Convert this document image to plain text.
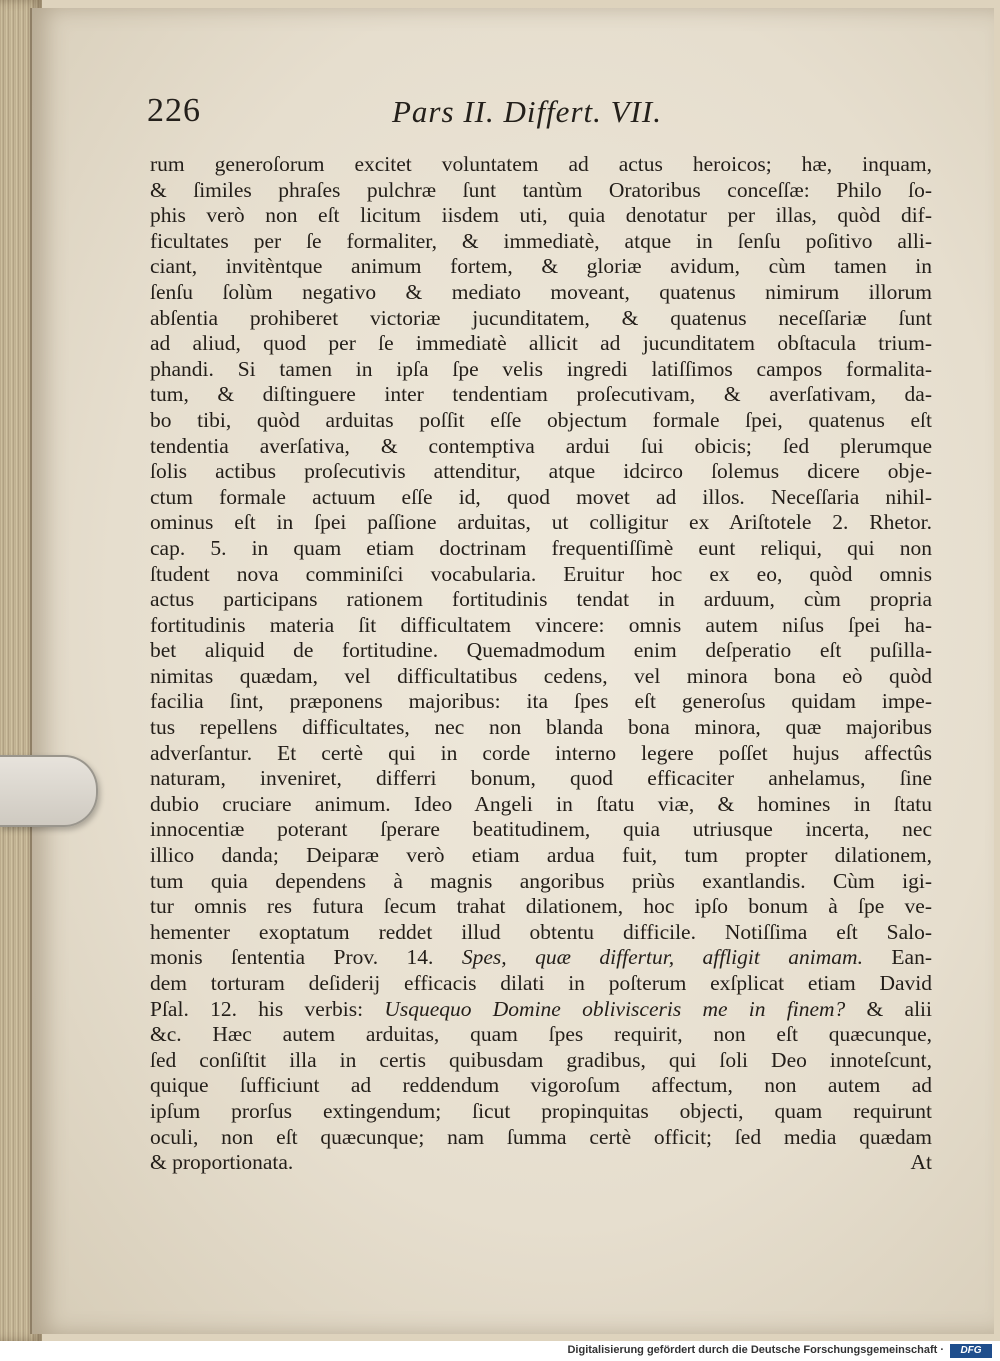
226	Pars II. Differt. VII.
rum generoſorum excitet voluntatem ad actus heroicos; hæ, inquam,
& ſimiles phraſes pulchræ ſunt tantùm Oratoribus conceſſæ: Philo ſo-
phis verò non eſt licitum iisdem uti, quia denotatur per illas, quòd dif-
ficultates per ſe formaliter, & immediatè, atque in ſenſu poſitivo alli-
ciant, invitèntque animum fortem, & gloriæ avidum, cùm tamen in
ſenſu ſolùm negativo & mediato moveant, quatenus nimirum illorum
abſentia prohiberet victoriæ jucunditatem, & quatenus neceſſariæ ſunt
ad aliud, quod per ſe immediatè allicit ad jucunditatem obſtacula trium-
phandi. Si tamen in ipſa ſpe velis ingredi latiſſimos campos formalita-
tum, & diſtinguere inter tendentiam proſecutivam, & averſativam, da-
bo tibi, quòd arduitas poſſit eſſe objectum formale ſpei, quatenus eſt
tendentia averſativa, & contemptiva ardui ſui obicis; ſed plerumque
ſolis actibus proſecutivis attenditur, atque idcirco ſolemus dicere obje-
ctum formale actuum eſſe id, quod movet ad illos. Neceſſaria nihil-
ominus eſt in ſpei paſſione arduitas, ut colligitur ex Ariſtotele 2. Rhetor.
cap. 5. in quam etiam doctrinam frequentiſſimè eunt reliqui, qui non
ſtudent nova comminiſci vocabularia. Eruitur hoc ex eo, quòd omnis
actus participans rationem fortitudinis tendat in arduum, cùm propria
fortitudinis materia ſit difficultatem vincere: omnis autem niſus ſpei ha-
bet aliquid de fortitudine. Quemadmodum enim deſperatio eſt puſilla-
nimitas quædam, vel difficultatibus cedens, vel minora bona eò quòd
facilia ſint, præponens majoribus: ita ſpes eſt generoſus quidam impe-
tus repellens difficultates, nec non blanda bona minora, quæ majoribus
adverſantur. Et certè qui in corde interno legere poſſet hujus affectûs
naturam, inveniret, differri bonum, quod efficaciter anhelamus, ſine
dubio cruciare animum. Ideo Angeli in ſtatu viæ, & homines in ſtatu
innocentiæ poterant ſperare beatitudinem, quia utriusque incerta, nec
illico danda; Deiparæ verò etiam ardua fuit, tum propter dilationem,
tum quia dependens à magnis angoribus priùs exantlandis. Cùm igi-
tur omnis res futura ſecum trahat dilationem, hoc ipſo bonum à ſpe ve-
hementer exoptatum reddet illud obtentu difficile. Notiſſima eſt Salo-
monis ſententia Prov. 14. Spes, quæ differtur, affligit animam. Ean-
dem torturam deſiderij efficacis dilati in poſterum exſplicat etiam David
Pſal. 12. his verbis: Usquequo Domine oblivisceris me in finem? & alii
&c. Hæc autem arduitas, quam ſpes requirit, non eſt quæcunque,
ſed conſiſtit illa in certis quibusdam gradibus, qui ſoli Deo innoteſcunt,
quique ſufficiunt ad reddendum vigoroſum affectum, non autem ad
ipſum prorſus extingendum; ſicut propinquitas objecti, quam requirunt
oculi, non eſt quæcunque; nam ſumma certè officit; ſed media quædam
& proportionata.	At
Digitalisierung gefördert durch die Deutsche Forschungsgemeinschaft ·	DFG
